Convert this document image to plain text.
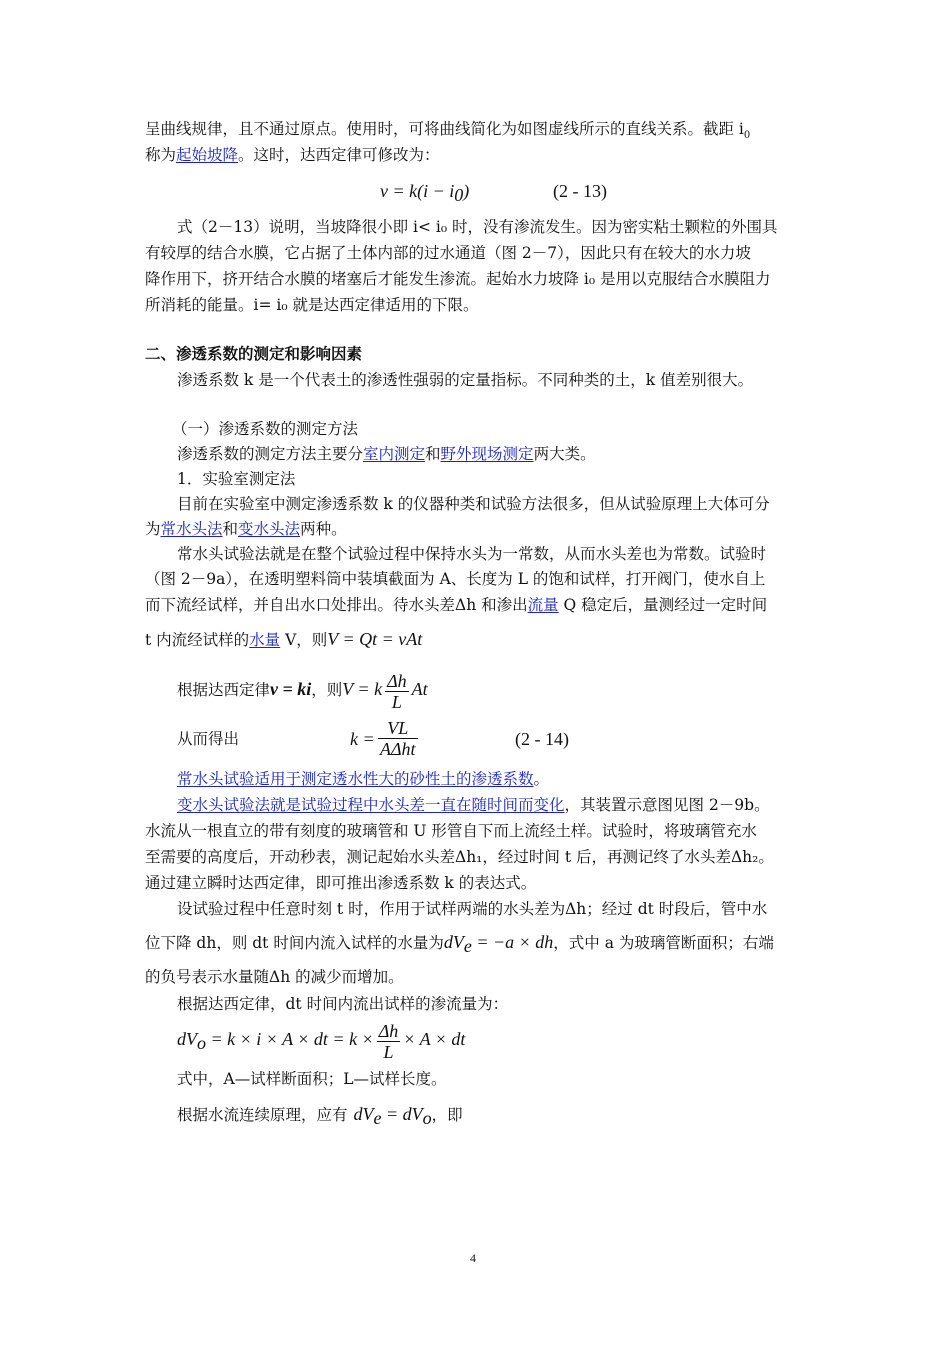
呈曲线规律，且不通过原点。使用时，可将曲线简化为如图虚线所示的直线关系。截距 $i_0$
称为起始坡降。这时，达西定律可修改为：
$v = k(i - i_0)$	(2 - 13)
式（2－13）说明，当坡降很小即 i< i₀ 时，没有渗流发生。因为密实粘土颗粒的外围具
有较厚的结合水膜，它占据了土体内部的过水通道（图 2－7），因此只有在较大的水力坡
降作用下，挤开结合水膜的堵塞后才能发生渗流。起始水力坡降 i₀ 是用以克服结合水膜阻力
所消耗的能量。i= i₀ 就是达西定律适用的下限。
二、渗透系数的测定和影响因素
渗透系数 k 是一个代表土的渗透性强弱的定量指标。不同种类的土，k 值差别很大。
（一）渗透系数的测定方法
渗透系数的测定方法主要分室内测定和野外现场测定两大类。
1．实验室测定法
目前在实验室中测定渗透系数 k 的仪器种类和试验方法很多，但从试验原理上大体可分
为常水头法和变水头法两种。
常水头试验法就是在整个试验过程中保持水头为一常数，从而水头差也为常数。试验时
（图 2－9a），在透明塑料筒中装填截面为 A、长度为 L 的饱和试样，打开阀门，使水自上
而下流经试样，并自出水口处排出。待水头差Δh 和渗出流量 Q 稳定后，量测经过一定时间
t 内流经试样的水量 V，则V = Qt = vAt
根据达西定律v = ki，则V = k $\frac{\Delta h}{L}$ At
从而得出	k =
VL
AΔht	(2 - 14)
常水头试验适用于测定透水性大的砂性土的渗透系数。
变水头试验法就是试验过程中水头差一直在随时间而变化，其装置示意图见图 2－9b。
水流从一根直立的带有刻度的玻璃管和 U 形管自下而上流经土样。试验时，将玻璃管充水
至需要的高度后，开动秒表，测记起始水头差Δh₁，经过时间 t 后，再测记终了水头差Δh₂。
通过建立瞬时达西定律，即可推出渗透系数 k 的表达式。
设试验过程中任意时刻 t 时，作用于试样两端的水头差为Δh；经过 dt 时段后，管中水
位下降 dh，则 dt 时间内流入试样的水量为$dV_e = -a$ × dh，式中 a 为玻璃管断面积；右端
的负号表示水量随Δh 的减少而增加。
根据达西定律，dt 时间内流出试样的渗流量为：
$dV_o = k \times i \times A$ × dt = $k \times \frac{\Delta h}{L} \times A$ × dt
式中，A—试样断面积；L—试样长度。
根据水流连续原理，应有 $dV_e = dV_o$，即
4
